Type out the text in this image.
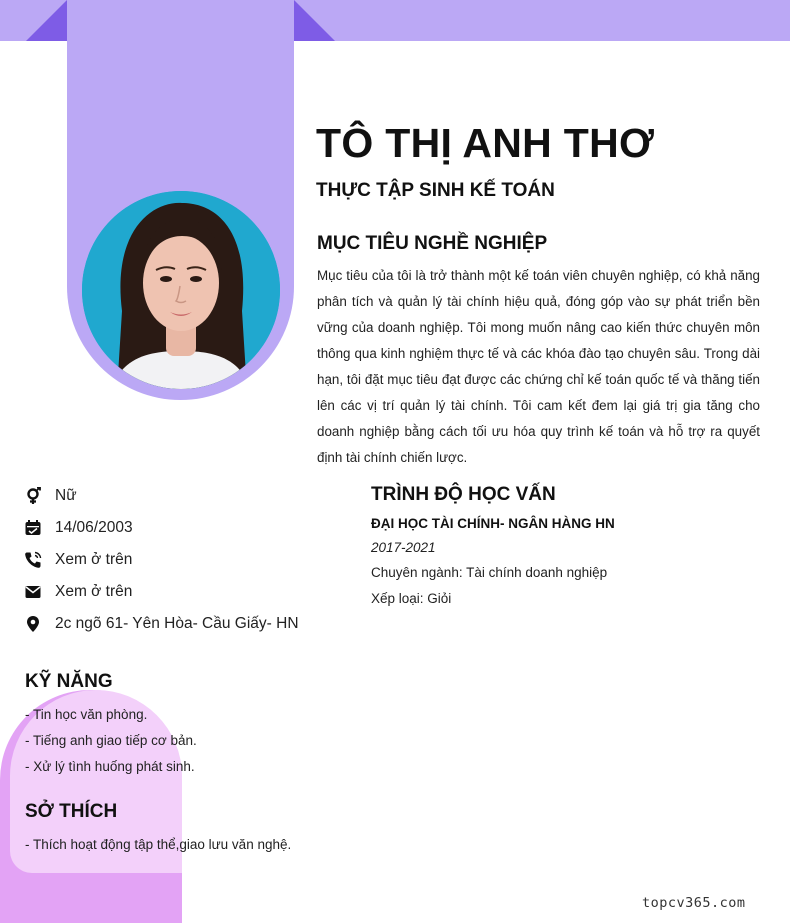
TÔ THỊ ANH THƠ
THỰC TẬP SINH KẾ TOÁN
MỤC TIÊU NGHỀ NGHIỆP
Mục tiêu của tôi là trở thành một kế toán viên chuyên nghiệp, có khả năng phân tích và quản lý tài chính hiệu quả, đóng góp vào sự phát triển bền vững của doanh nghiệp. Tôi mong muốn nâng cao kiến thức chuyên môn thông qua kinh nghiệm thực tế và các khóa đào tạo chuyên sâu. Trong dài hạn, tôi đặt mục tiêu đạt được các chứng chỉ kế toán quốc tế và thăng tiến lên các vị trí quản lý tài chính. Tôi cam kết đem lại giá trị gia tăng cho doanh nghiệp bằng cách tối ưu hóa quy trình kế toán và hỗ trợ ra quyết định tài chính chiến lược.
Nữ
14/06/2003
Xem ở trên
Xem ở trên
2c ngõ 61- Yên Hòa- Cầu Giấy- HN
TRÌNH ĐỘ HỌC VẤN
ĐẠI HỌC TÀI CHÍNH- NGÂN HÀNG HN
2017-2021
Chuyên ngành: Tài chính doanh nghiệp
Xếp loại: Giỏi
KỸ NĂNG
- Tin học văn phòng.
- Tiếng anh giao tiếp cơ bản.
- Xử lý tình huống phát sinh.
SỞ THÍCH
- Thích hoạt động tập thể,giao lưu văn nghệ.
topcv365.com
